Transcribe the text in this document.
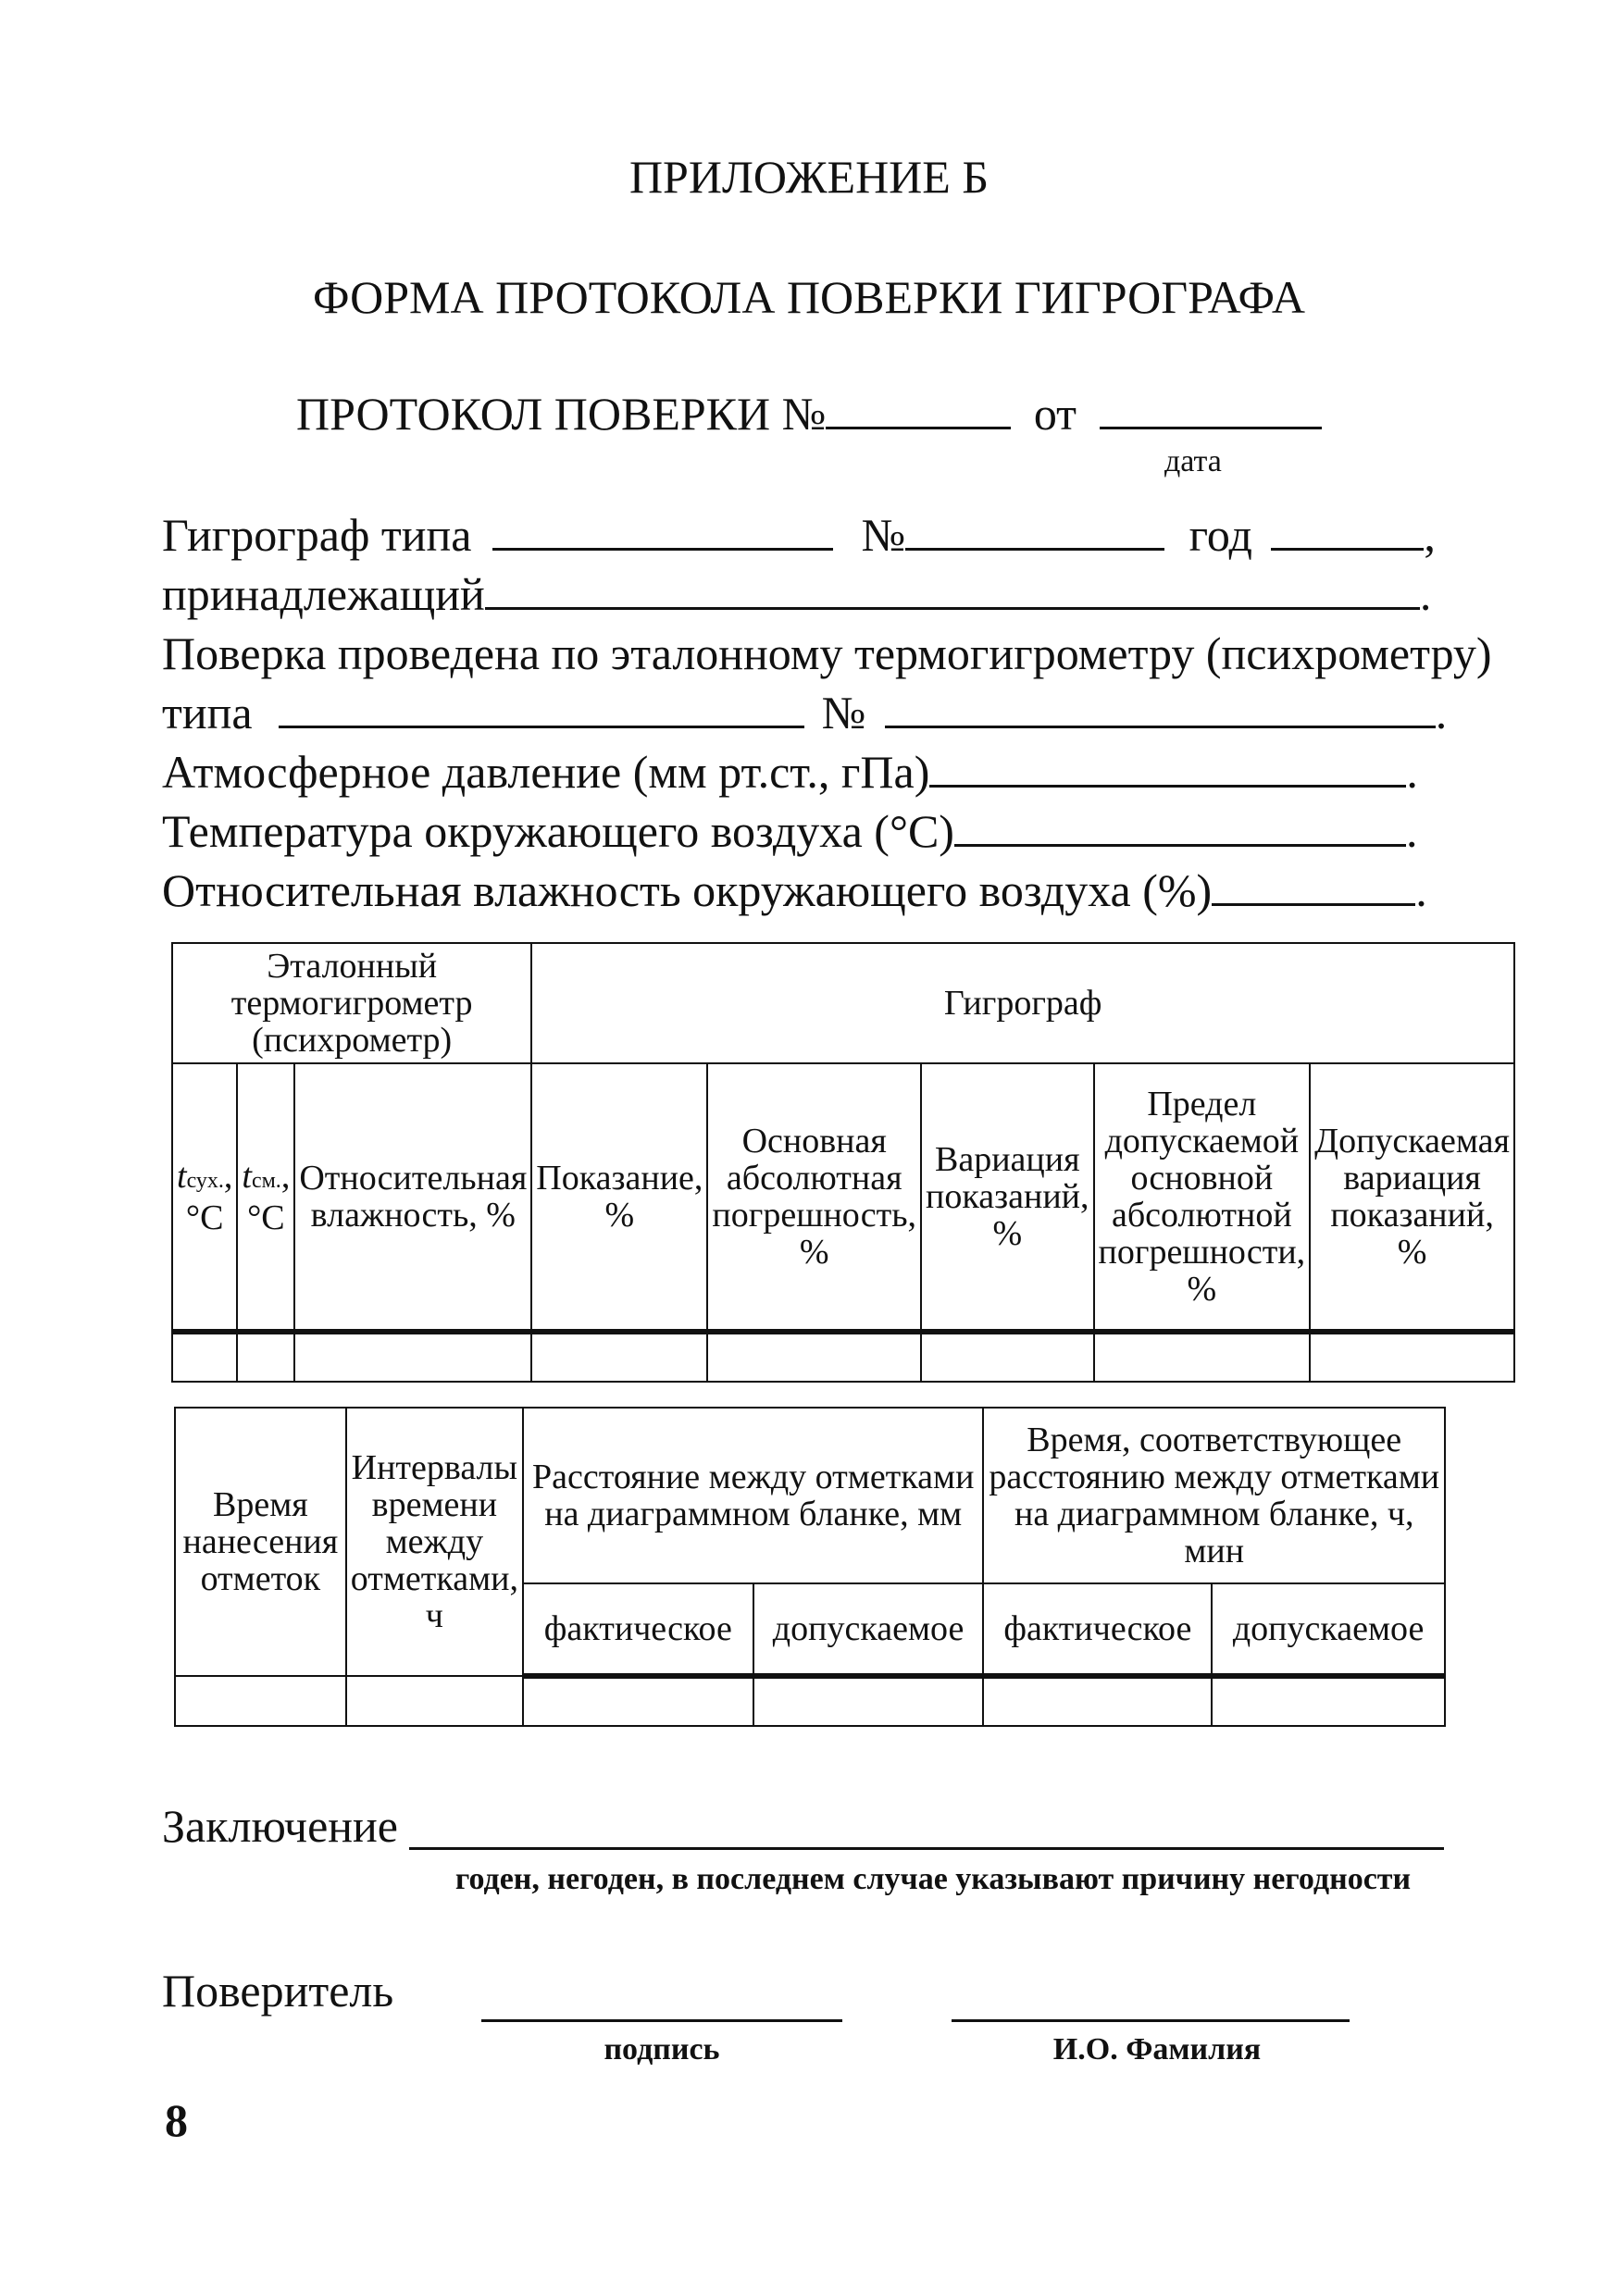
ПРИЛОЖЕНИЕ Б
ФОРМА ПРОТОКОЛА ПОВЕРКИ ГИГРОГРАФА
ПРОТОКОЛ ПОВЕРКИ №	от
дата
Гигрограф типа	№	год	,
принадлежащий	.
Поверка проведена по эталонному термогигрометру (психрометру)
типа	№	.
Атмосферное давление (мм рт.ст., гПа)	.
Температура окружающего воздуха (°С)	.
Относительная влажность окружающего воздуха (%)	.
Эталонный термогигрометр (психрометр)			Гигрограф				
tсух., °С	tсм., °С	Относительная влажность, %	Показание, %	Основная абсолютная погрешность, %	Вариация показаний, %	Предел допускаемой основной абсолютной погрешности, %	Допускаемая вариация показаний, %

Время нанесения отметок	Интервалы времени между отметками, ч	Расстояние между отметками на диаграммном бланке, мм		Время, соответствующее расстоянию между отметками на диаграммном бланке, ч, мин	
		фактическое	допускаемое	фактическое	допускаемое

Заключение
годен, негоден, в последнем случае указывают причину негодности
Поверитель
подпись	И.О. Фамилия
8
